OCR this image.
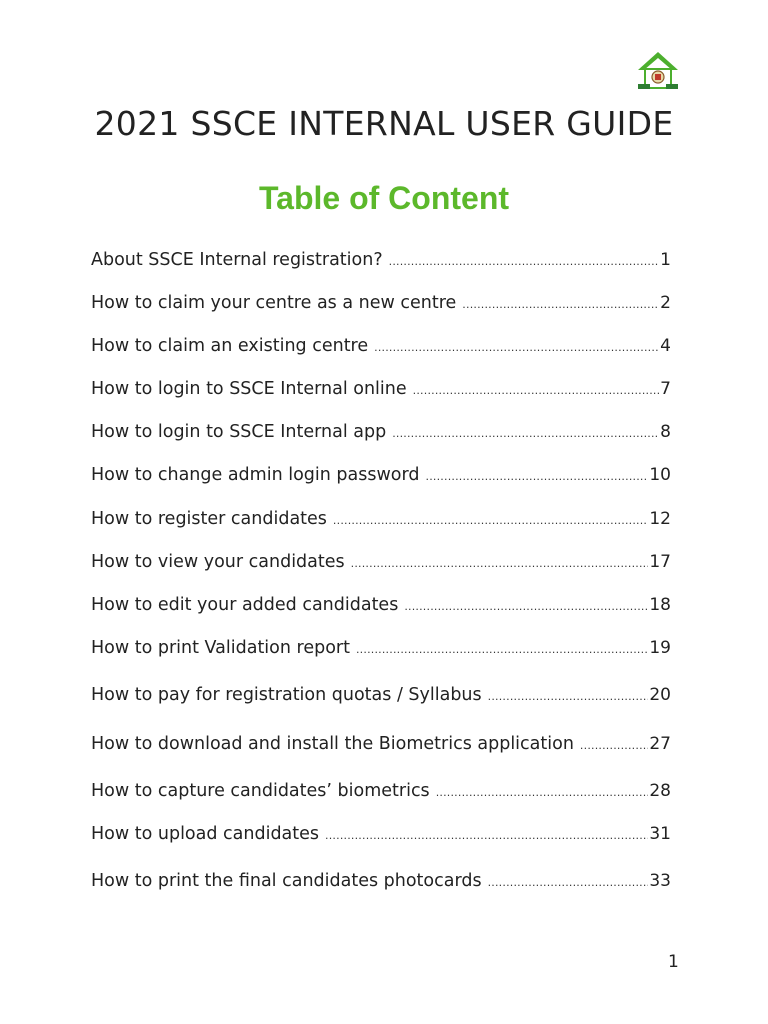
2021 SSCE INTERNAL USER GUIDE
Table of Content
About SSCE Internal registration? .....	1
How to claim your centre as a new centre .....	2
How to claim an existing centre .....	4
How to login to SSCE Internal online .....	7
How to login to SSCE Internal app .....	8
How to change admin login password .....	10
How to register candidates .....	12
How to view your candidates .....	17
How to edit your added candidates .....	18
How to print Validation report .....	19
How to pay for registration quotas / Syllabus .....	20
How to download and install the Biometrics application .....	27
How to capture candidates’ biometrics .....	28
How to upload candidates .....	31
How to print the final candidates photocards .....	33
1
